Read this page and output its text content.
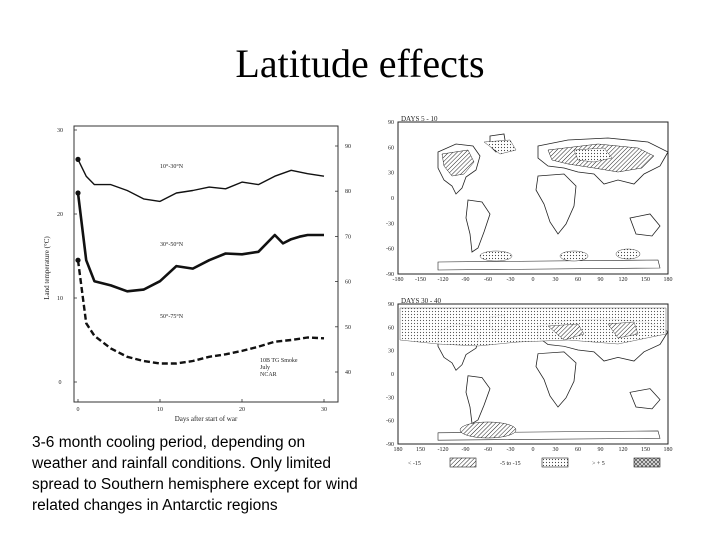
Latitude effects
Land temperature (°C)
Days after start of war
0	10	20	30
0
10
20
30
40
50
60
70
80
90
10°-30°N
30°-50°N
50°-75°N
10B TG Smoke
July
NCAR
DAYS 5 - 10
90
60
30
0
-30
-60
-90
-180 -150 -120 -90 -60 -30	0	30	60	90	120 150 180
DAYS 30 - 40
90
60
30
0
-30
-60
-90
180 150 -120 -90 -60 -30	0	30	60	90	120 150 180
< -15	-5 to -15	> + 5
3-6 month cooling period, depending on weather and rainfall conditions. Only limited spread to Southern hemisphere except for wind related changes in Antarctic regions
